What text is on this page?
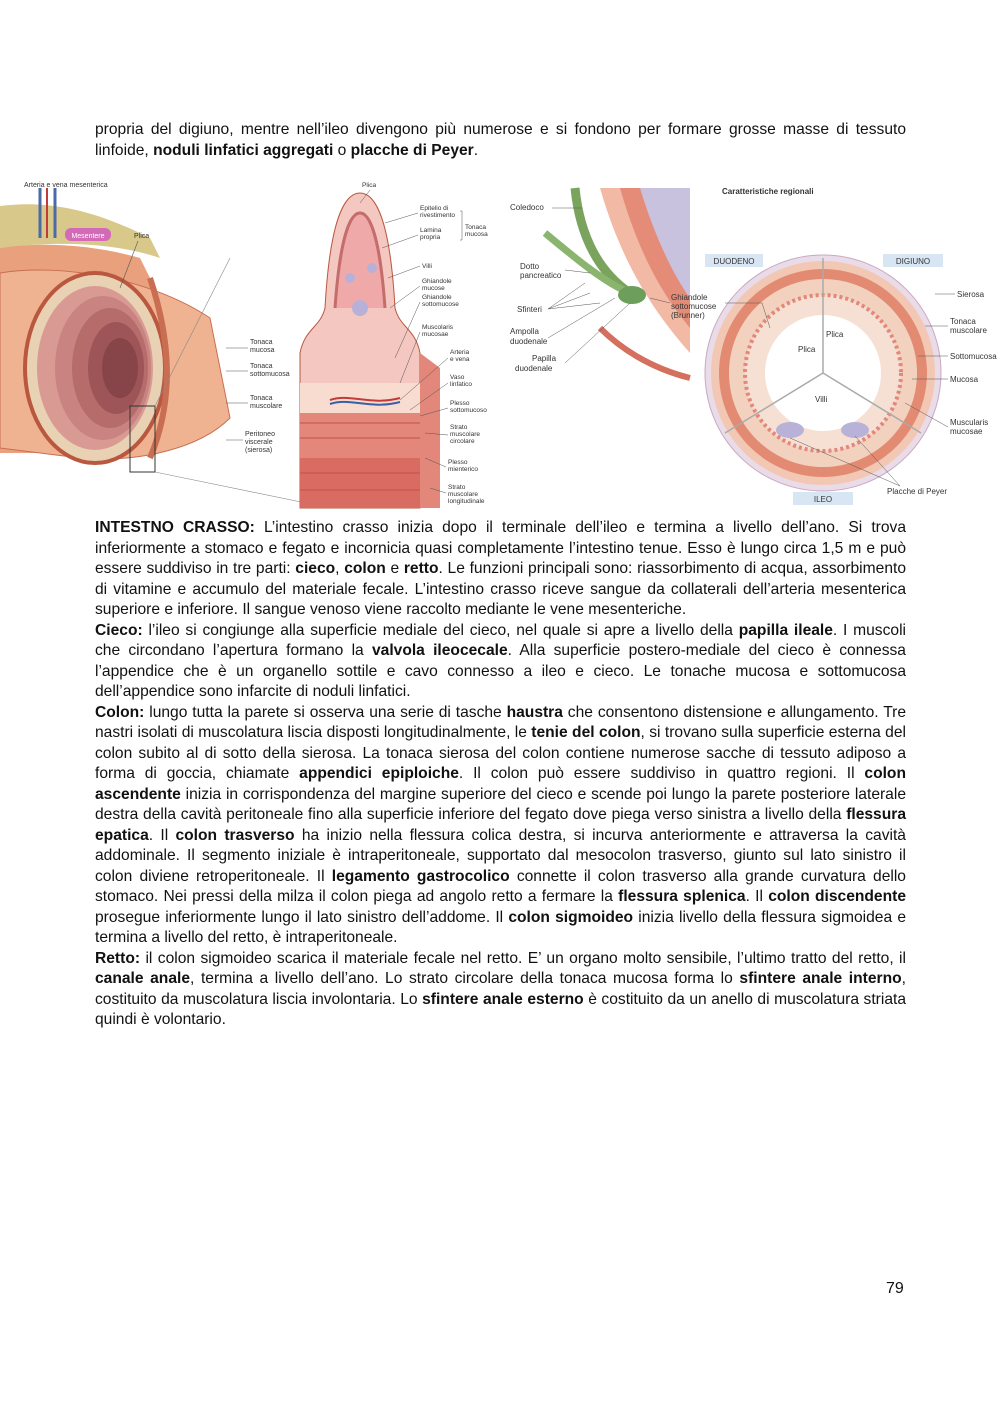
propria del digiuno, mentre nell’ileo divengono più numerose e si fondono per formare grosse masse di tessuto linfoide, noduli linfatici aggregati o placche di Peyer.

Mesentere
Arteria e vena mesenterica
Plica
Tonaca
mucosa
Tonaca
sottomucosa
Tonaca
muscolare
Peritoneo
viscerale
(sierosa)
Plica
Epitelio di
rivestimento
Lamina
propria
Tonaca
mucosa
Villi
Ghiandole
mucose
Ghiandole
sottomucose
Muscolaris
mucosae
Arteria
e vena
Vaso
linfatico
Plesso
sottomucoso
Strato
muscolare
circolare
Plesso
mienterico
Strato
muscolare
longitudinale
Coledoco
Dotto
pancreatico
Sfinteri
Ampolla
duodenale
Papilla
duodenale
Ghiandole
sottomucose
(Brunner)
Caratteristiche regionali
DUODENO	DIGIUNO
ILEO
Plica
Plica
Villi
Sierosa
Tonaca
muscolare
Sottomucosa
Mucosa
Muscularis
mucosae
Placche di Peyer

INTESTNO CRASSO: L’intestino crasso inizia dopo il terminale dell’ileo e termina a livello dell’ano. Si trova inferiormente a stomaco e fegato e incornicia quasi completamente l’intestino tenue. Esso è lungo circa 1,5 m e può essere suddiviso in tre parti: cieco, colon e retto. Le funzioni principali sono: riassorbimento di acqua, assorbimento di vitamine e accumulo del materiale fecale. L’intestino crasso riceve sangue da collaterali dell’arteria mesenterica superiore e inferiore. Il sangue venoso viene raccolto mediante le vene mesenteriche.

Cieco: l’ileo si congiunge alla superficie mediale del cieco, nel quale si apre a livello della papilla ileale. I muscoli che circondano l’apertura formano la valvola ileocecale. Alla superficie postero-mediale del cieco è connessa l’appendice che è un organello sottile e cavo connesso a ileo e cieco. Le tonache mucosa e sottomucosa dell’appendice sono infarcite di noduli linfatici.

Colon: lungo tutta la parete si osserva una serie di tasche haustra che consentono distensione e allungamento. Tre nastri isolati di muscolatura liscia disposti longitudinalmente, le tenie del colon, si trovano sulla superficie esterna del colon subito al di sotto della sierosa. La tonaca sierosa del colon contiene numerose sacche di tessuto adiposo a forma di goccia, chiamate appendici epiploiche. Il colon può essere suddiviso in quattro regioni. Il colon ascendente inizia in corrispondenza del margine superiore del cieco e scende poi lungo la parete posteriore laterale destra della cavità peritoneale fino alla superficie inferiore del fegato dove piega verso sinistra a livello della flessura epatica. Il colon trasverso ha inizio nella flessura colica destra, si incurva anteriormente e attraversa la cavità addominale. Il segmento iniziale è intraperitoneale, supportato dal mesocolon trasverso, giunto sul lato sinistro il colon diviene retroperitoneale. Il legamento gastrocolico connette il colon trasverso alla grande curvatura dello stomaco. Nei pressi della milza il colon piega ad angolo retto a fermare la flessura splenica. Il colon discendente prosegue inferiormente lungo il lato sinistro dell’addome. Il colon sigmoideo inizia livello della flessura sigmoidea e termina a livello del retto, è intraperitoneale.

Retto: il colon sigmoideo scarica il materiale fecale nel retto. E’ un organo molto sensibile, l’ultimo tratto del retto, il canale anale, termina a livello dell’ano. Lo strato circolare della tonaca mucosa forma lo sfintere anale interno, costituito da muscolatura liscia involontaria. Lo sfintere anale esterno è costituito da un anello di muscolatura striata quindi è volontario.

79
